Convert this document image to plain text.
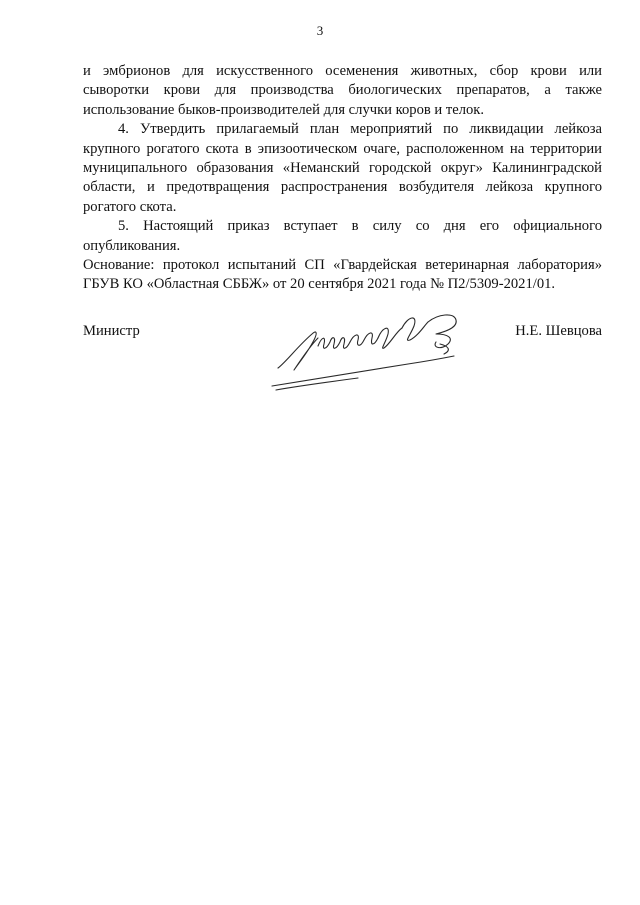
3

и эмбрионов для искусственного осеменения животных, сбор крови или сыворотки крови для производства биологических препаратов, а также использование быков-производителей для случки коров и телок.

4. Утвердить прилагаемый план мероприятий по ликвидации лейкоза крупного рогатого скота в эпизоотическом очаге, расположенном на территории муниципального образования «Неманский городской округ» Калининградской области, и предотвращения распространения возбудителя лейкоза крупного рогатого скота.

5. Настоящий приказ вступает в силу со дня его официального опубликования.

Основание: протокол испытаний СП «Гвардейская ветеринарная лаборатория» ГБУВ КО «Областная СББЖ» от 20 сентября 2021 года № П2/5309-2021/01.

Министр	Н.Е. Шевцова
